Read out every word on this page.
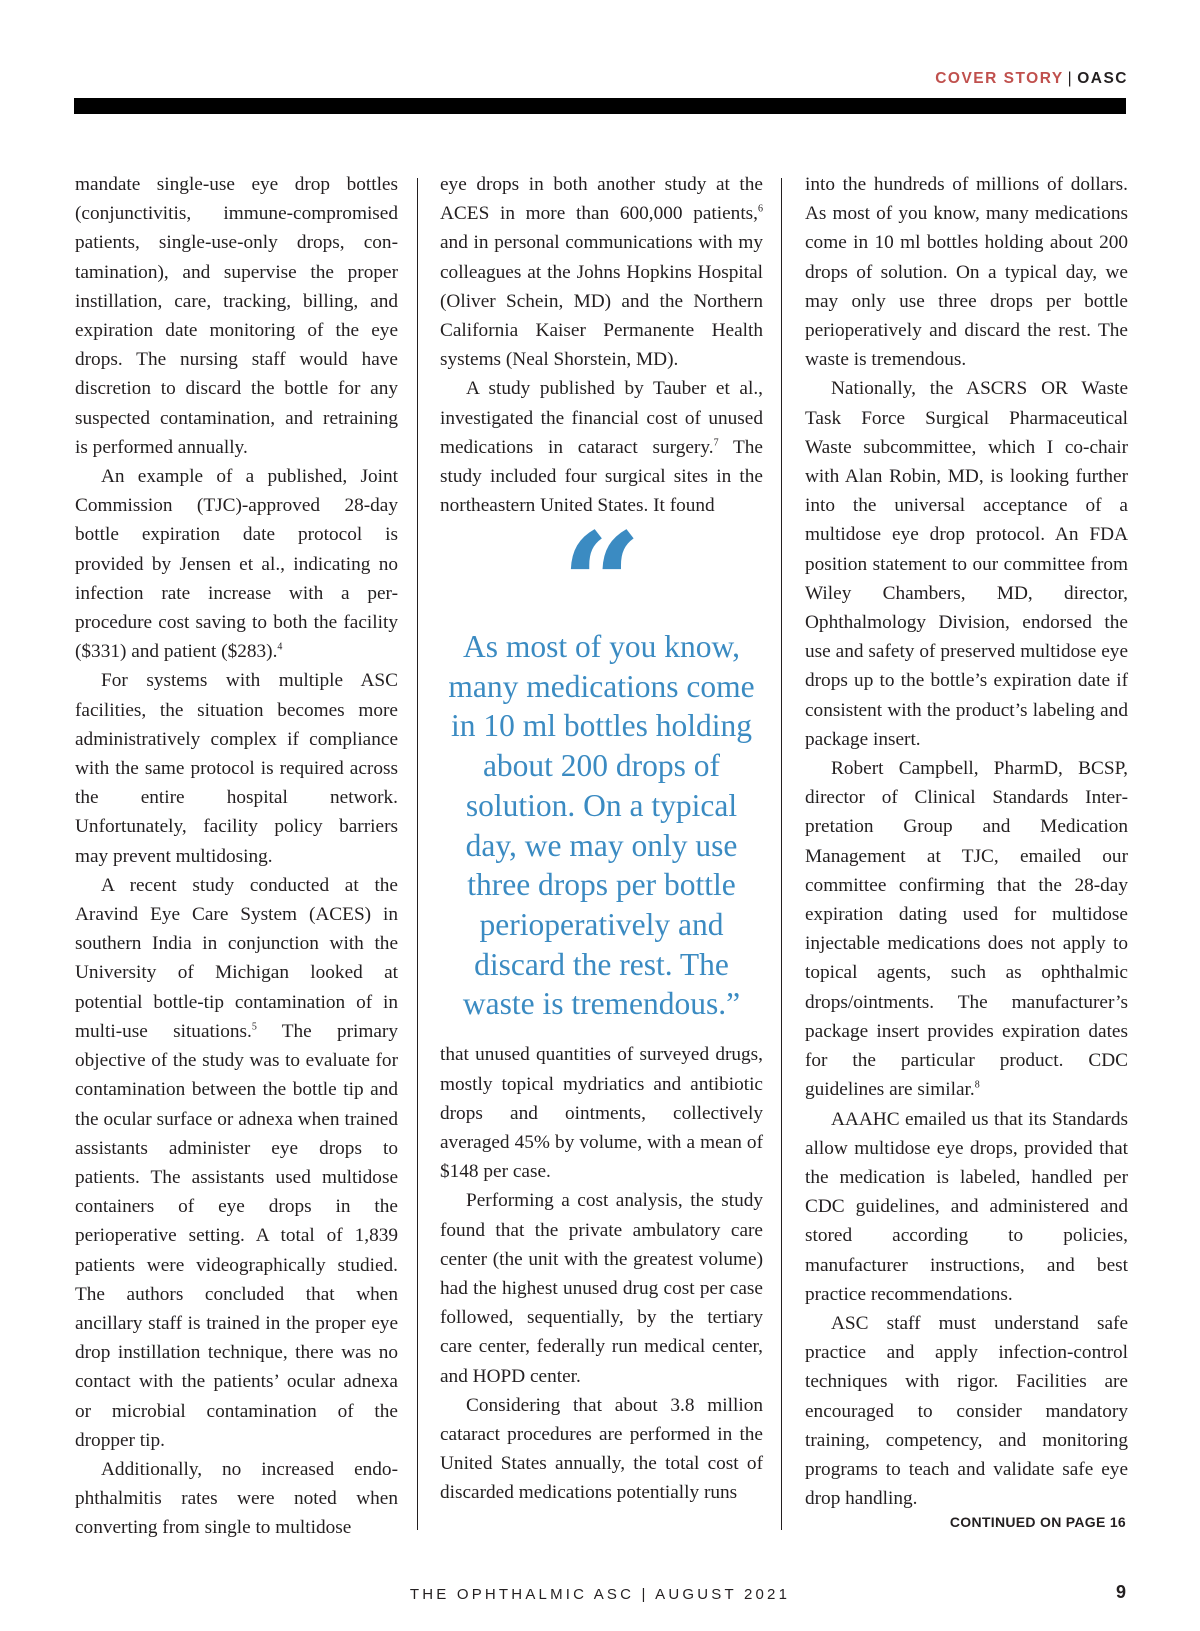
COVER STORY | OASC

mandate single-use eye drop bottles (conjunctivitis, immune-compromised patients, single-use-only drops, contamination), and supervise the proper instillation, care, tracking, billing, and expiration date monitoring of the eye drops. The nursing staff would have discretion to discard the bottle for any suspected contamination, and retraining is performed annually.

An example of a published, Joint Commission (TJC)-approved 28-day bottle expiration date protocol is provided by Jensen et al., indicating no infection rate increase with a per-procedure cost saving to both the facility ($331) and patient ($283).$^4$

For systems with multiple ASC facilities, the situation becomes more administratively complex if compliance with the same protocol is required across the entire hospital network. Unfortunately, facility policy barriers may prevent multidosing.

A recent study conducted at the Aravind Eye Care System (ACES) in southern India in conjunction with the University of Michigan looked at potential bottle-tip contamination of in multi-use situations.$^5$ The primary objective of the study was to evaluate for contamination between the bottle tip and the ocular surface or adnexa when trained assistants administer eye drops to patients. The assistants used multidose containers of eye drops in the perioperative setting. A total of 1,839 patients were videographically studied. The authors concluded that when ancillary staff is trained in the proper eye drop instillation technique, there was no contact with the patients’ ocular adnexa or microbial contamination of the dropper tip.

Additionally, no increased endophthalmitis rates were noted when converting from single to multidose

eye drops in both another study at the ACES in more than 600,000 patients,$^6$ and in personal communications with my colleagues at the Johns Hopkins Hospital (Oliver Schein, MD) and the Northern California Kaiser Permanente Health systems (Neal Shorstein, MD).

A study published by Tauber et al., investigated the financial cost of unused medications in cataract surgery.$^7$ The study included four surgical sites in the northeastern United States. It found

that unused quantities of surveyed drugs, mostly topical mydriatics and antibiotic drops and ointments, collectively averaged 45% by volume, with a mean of $148 per case.

Performing a cost analysis, the study found that the private ambulatory care center (the unit with the greatest volume) had the highest unused drug cost per case followed, sequentially, by the tertiary care center, federally run medical center, and HOPD center.

Considering that about 3.8 million cataract procedures are performed in the United States annually, the total cost of discarded medications potentially runs

“

As most of you know, many medications come in 10 ml bottles holding about 200 drops of solution. On a typical day, we may only use three drops per bottle perioperatively and discard the rest. The waste is tremendous.”

into the hundreds of millions of dollars. As most of you know, many medications come in 10 ml bottles holding about 200 drops of solution. On a typical day, we may only use three drops per bottle perioperatively and discard the rest. The waste is tremendous.

Nationally, the ASCRS OR Waste Task Force Surgical Pharmaceutical Waste subcommittee, which I co-chair with Alan Robin, MD, is looking further into the universal acceptance of a multidose eye drop protocol. An FDA position statement to our committee from Wiley Chambers, MD, director, Ophthalmology Division, endorsed the use and safety of preserved multidose eye drops up to the bottle’s expiration date if consistent with the product’s labeling and package insert.

Robert Campbell, PharmD, BCSP, director of Clinical Standards Interpretation Group and Medication Management at TJC, emailed our committee confirming that the 28-day expiration dating used for multidose injectable medications does not apply to topical agents, such as ophthalmic drops/ointments. The manufacturer’s package insert provides expiration dates for the particular product. CDC guidelines are similar.$^8$

AAAHC emailed us that its Standards allow multidose eye drops, provided that the medication is labeled, handled per CDC guidelines, and administered and stored according to policies, manufacturer instructions, and best practice recommendations.

ASC staff must understand safe practice and apply infection-control techniques with rigor. Facilities are encouraged to consider mandatory training, competency, and monitoring programs to teach and validate safe eye drop handling.

CONTINUED ON PAGE 16
THE OPHTHALMIC ASC | AUGUST 2021	9
